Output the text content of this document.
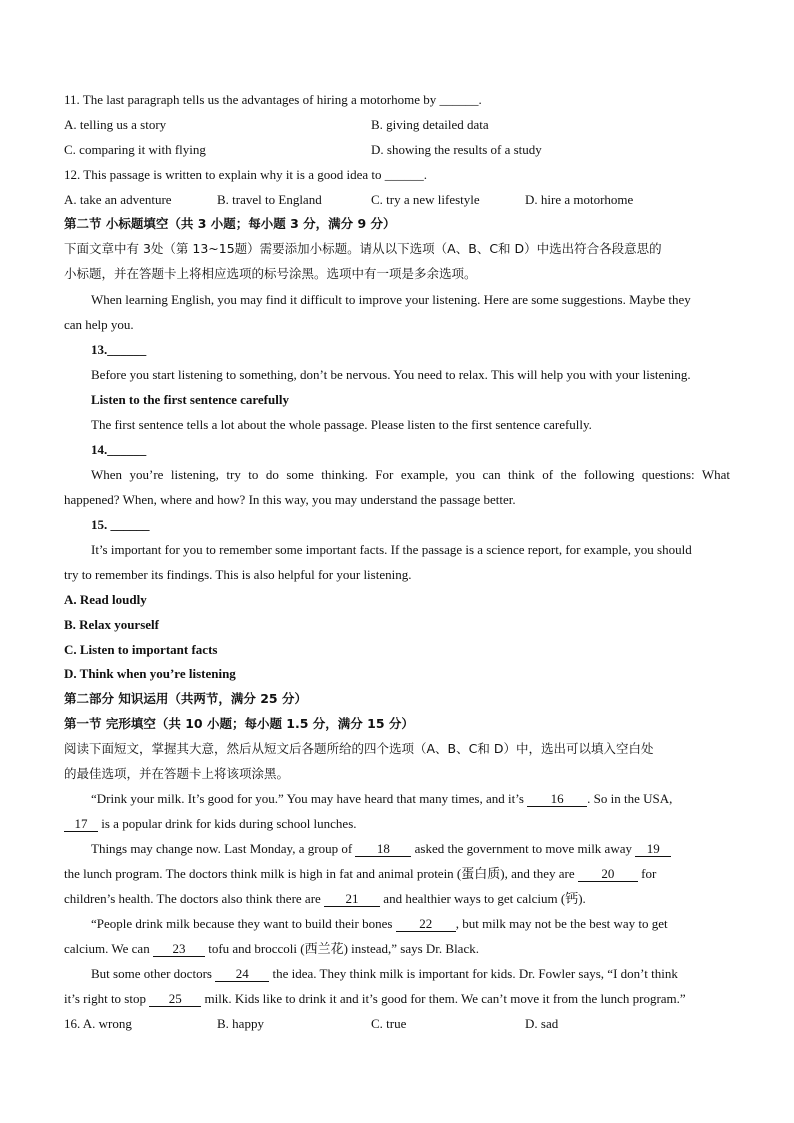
11. The last paragraph tells us the advantages of hiring a motorhome by ______.
A. telling us a story	B. giving detailed data
C. comparing it with flying	D. showing the results of a study
12. This passage is written to explain why it is a good idea to ______.
A. take an adventure	B. travel to England	C. try a new lifestyle	D. hire a motorhome
第二节 小标题填空（共 3 小题；每小题 3 分，满分 9 分）
下面文章中有 3处（第 13~15题）需要添加小标题。请从以下选项（A、B、C和 D）中选出符合各段意思的
小标题，并在答题卡上将相应选项的标号涂黑。选项中有一项是多余选项。
When learning English, you may find it difficult to improve your listening. Here are some suggestions. Maybe they
can help you.
13.______
Before you start listening to something, don’t be nervous. You need to relax. This will help you with your listening.
Listen to the first sentence carefully
The first sentence tells a lot about the whole passage. Please listen to the first sentence carefully.
14.______
When you’re listening, try to do some thinking. For example, you can think of the following questions: What
happened? When, where and how? In this way, you may understand the passage better.
15. ______
It’s important for you to remember some important facts. If the passage is a science report, for example, you should
try to remember its findings. This is also helpful for your listening.
A. Read loudly
B. Relax yourself
C. Listen to important facts
D. Think when you’re listening
第二部分 知识运用（共两节，满分 25 分）
第一节 完形填空（共 10 小题；每小题 1.5 分，满分 15 分）
阅读下面短文，掌握其大意，然后从短文后各题所给的四个选项（A、B、C和 D）中，选出可以填入空白处
的最佳选项，并在答题卡上将该项涂黑。
“Drink your milk. It’s good for you.” You may have heard that many times, and it’s 16 . So in the USA,
17 is a popular drink for kids during school lunches.
Things may change now. Last Monday, a group of 18 asked the government to move milk away 19
the lunch program. The doctors think milk is high in fat and animal protein (蛋白质), and they are 20 for
children’s health. The doctors also think there are 21 and healthier ways to get calcium (钙).
“People drink milk because they want to build their bones 22 , but milk may not be the best way to get
calcium. We can 23 tofu and broccoli (西兰花) instead,” says Dr. Black.
But some other doctors 24 the idea. They think milk is important for kids. Dr. Fowler says, “I don’t think
it’s right to stop 25 milk. Kids like to drink it and it’s good for them. We can’t move it from the lunch program.”
16. A. wrong	B. happy	C. true	D. sad
